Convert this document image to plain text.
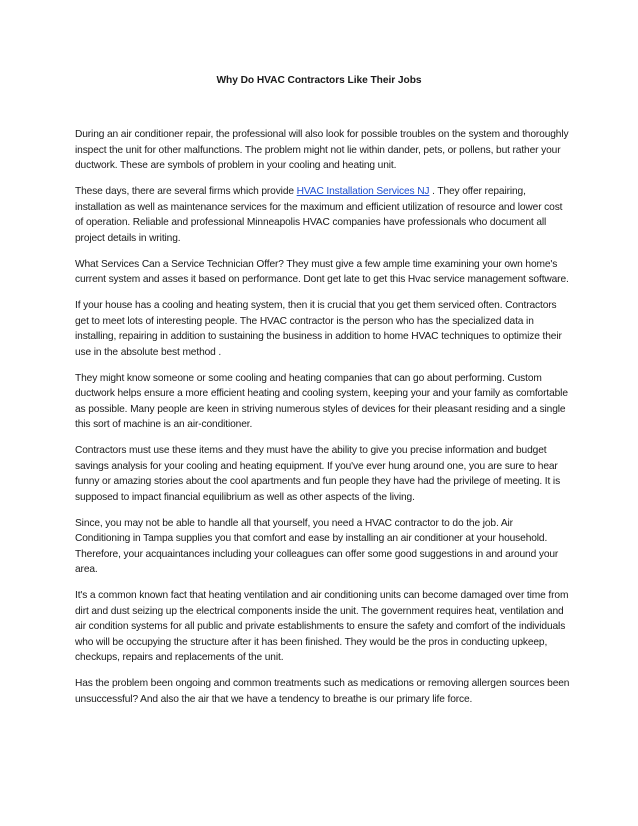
Why Do HVAC Contractors Like Their Jobs

During an air conditioner repair, the professional will also look for possible troubles on the system and thoroughly inspect the unit for other malfunctions. The problem might not lie within dander, pets, or pollens, but rather your ductwork. These are symbols of problem in your cooling and heating unit.

These days, there are several firms which provide HVAC Installation Services NJ . They offer repairing, installation as well as maintenance services for the maximum and efficient utilization of resource and lower cost of operation. Reliable and professional Minneapolis HVAC companies have professionals who document all project details in writing.

What Services Can a Service Technician Offer? They must give a few ample time examining your own home's current system and asses it based on performance. Dont get late to get this Hvac service management software.

If your house has a cooling and heating system, then it is crucial that you get them serviced often. Contractors get to meet lots of interesting people. The HVAC contractor is the person who has the specialized data in installing, repairing in addition to sustaining the business in addition to home HVAC techniques to optimize their use in the absolute best method .

They might know someone or some cooling and heating companies that can go about performing. Custom ductwork helps ensure a more efficient heating and cooling system, keeping your and your family as comfortable as possible. Many people are keen in striving numerous styles of devices for their pleasant residing and a single this sort of machine is an air-conditioner.

Contractors must use these items and they must have the ability to give you precise information and budget savings analysis for your cooling and heating equipment. If you've ever hung around one, you are sure to hear funny or amazing stories about the cool apartments and fun people they have had the privilege of meeting. It is supposed to impact financial equilibrium as well as other aspects of the living.

Since, you may not be able to handle all that yourself, you need a HVAC contractor to do the job. Air Conditioning in Tampa supplies you that comfort and ease by installing an air conditioner at your household. Therefore, your acquaintances including your colleagues can offer some good suggestions in and around your area.

It's a common known fact that heating ventilation and air conditioning units can become damaged over time from dirt and dust seizing up the electrical components inside the unit. The government requires heat, ventilation and air condition systems for all public and private establishments to ensure the safety and comfort of the individuals who will be occupying the structure after it has been finished. They would be the pros in conducting upkeep, checkups, repairs and replacements of the unit.

Has the problem been ongoing and common treatments such as medications or removing allergen sources been unsuccessful? And also the air that we have a tendency to breathe is our primary life force.
